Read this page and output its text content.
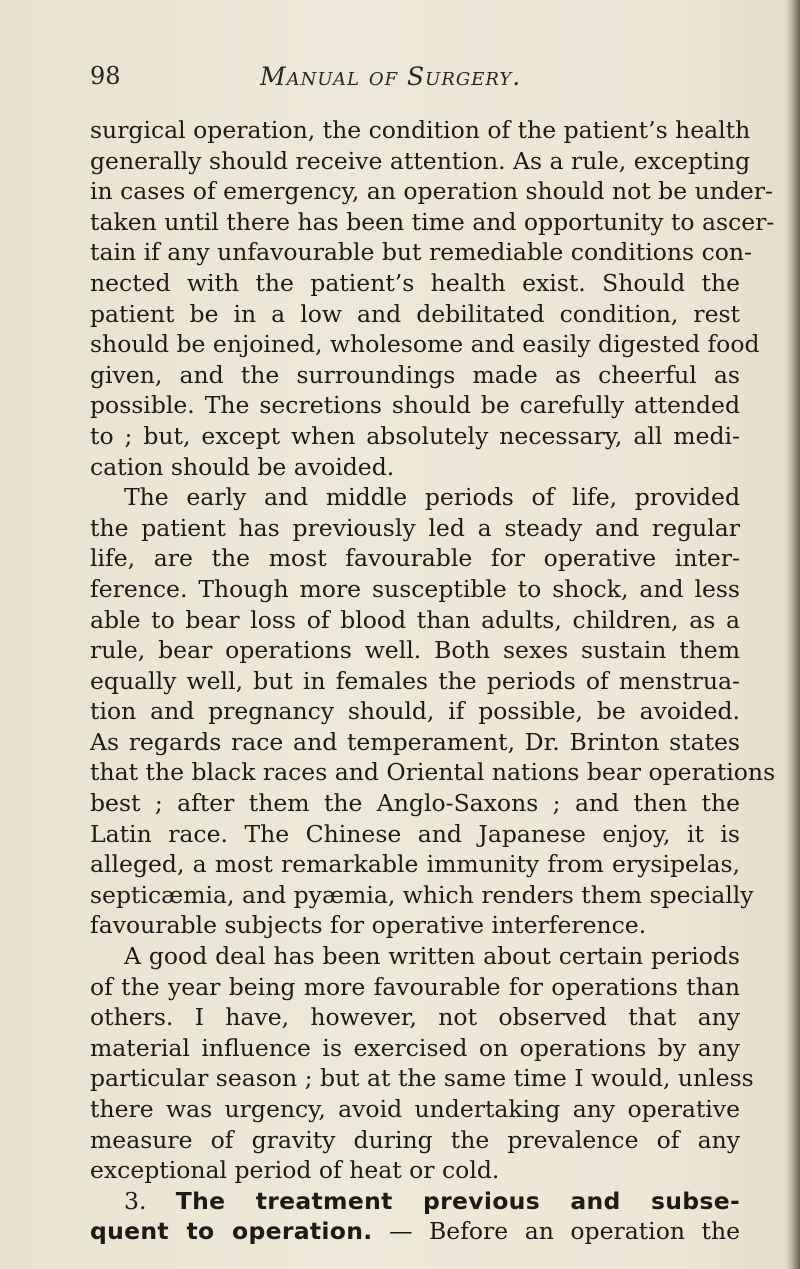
98	Manual of Surgery.
surgical operation, the condition of the patient’s health
generally should receive attention. As a rule, excepting
in cases of emergency, an operation should not be under-
taken until there has been time and opportunity to ascer-
tain if any unfavourable but remediable conditions con-
nected with the patient’s health exist. Should the
patient be in a low and debilitated condition, rest
should be enjoined, wholesome and easily digested food
given, and the surroundings made as cheerful as
possible. The secretions should be carefully attended
to ; but, except when absolutely necessary, all medi-
cation should be avoided.
The early and middle periods of life, provided
the patient has previously led a steady and regular
life, are the most favourable for operative inter-
ference. Though more susceptible to shock, and less
able to bear loss of blood than adults, children, as a
rule, bear operations well. Both sexes sustain them
equally well, but in females the periods of menstrua-
tion and pregnancy should, if possible, be avoided.
As regards race and temperament, Dr. Brinton states
that the black races and Oriental nations bear operations
best ; after them the Anglo-Saxons ; and then the
Latin race. The Chinese and Japanese enjoy, it is
alleged, a most remarkable immunity from erysipelas,
septicæmia, and pyæmia, which renders them specially
favourable subjects for operative interference.
A good deal has been written about certain periods
of the year being more favourable for operations than
others. I have, however, not observed that any
material influence is exercised on operations by any
particular season ; but at the same time I would, unless
there was urgency, avoid undertaking any operative
measure of gravity during the prevalence of any
exceptional period of heat or cold.
3. The treatment previous and subse-
quent to operation. — Before an operation the
